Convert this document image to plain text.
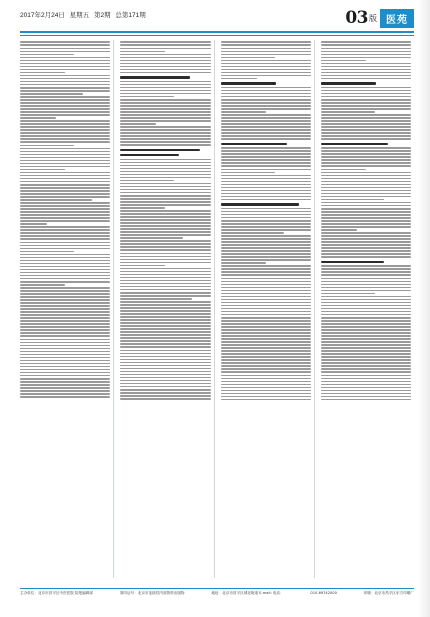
2017年2月24日 星期五 第2期 总第171期	03 版 医苑
主办单位：北京市昌平区中医医院 院报编辑部	准印证号：北京市连续性内部资料出版物	地址：北京市昌平区城北街道 E-mail: 电话：	010-69742000	印刷：北京市昌平区东方印刷厂
